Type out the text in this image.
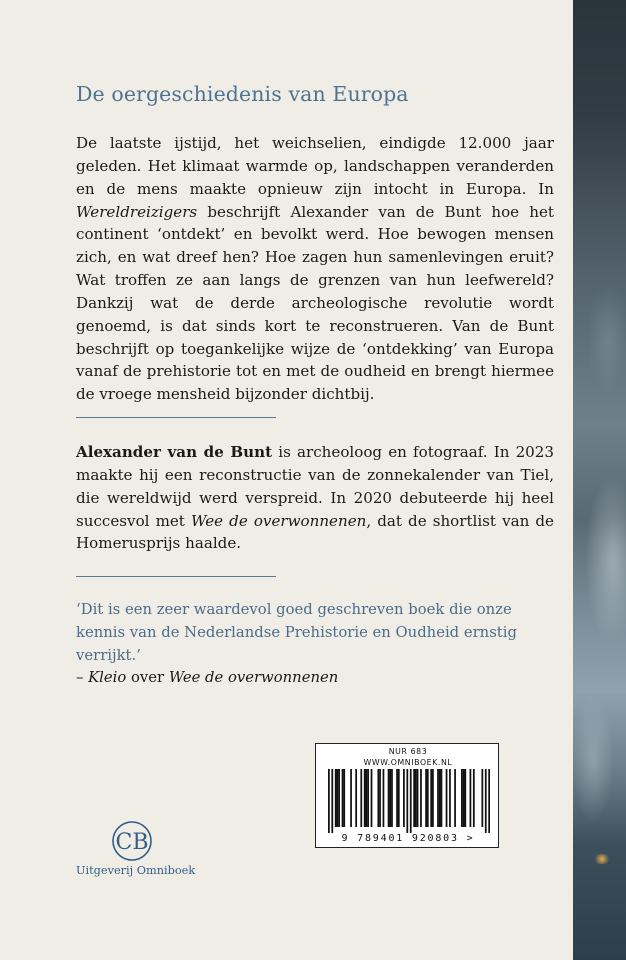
De oergeschiedenis van Europa

De laatste ijstijd, het weichselien, eindigde 12.000 jaar geleden. Het klimaat warmde op, landschappen veranderden en de mens maakte opnieuw zijn intocht in Europa. In Wereldreizigers beschrijft Alexander van de Bunt hoe het continent ‘ontdekt’ en bevolkt werd. Hoe bewogen mensen zich, en wat dreef hen? Hoe zagen hun samenlevingen eruit? Wat troffen ze aan langs de grenzen van hun leefwereld? Dankzij wat de derde archeologische revolutie wordt genoemd, is dat sinds kort te reconstrueren. Van de Bunt beschrijft op toegankelijke wijze de ‘ontdekking’ van Europa vanaf de prehistorie tot en met de oudheid en brengt hiermee de vroege mensheid bijzonder dichtbij.

Alexander van de Bunt is archeoloog en fotograaf. In 2023 maakte hij een reconstructie van de zonnekalender van Tiel, die wereldwijd werd verspreid. In 2020 debuteerde hij heel succesvol met Wee de overwonnenen, dat de shortlist van de Homerusprijs haalde.

‘Dit is een zeer waardevol goed geschreven boek die onze kennis van de Nederlandse Prehistorie en Oudheid ernstig verrijkt.’
– Kleio over Wee de overwonnenen

NUR 683
WWW.OMNIBOEK.NL
9 789401 920803 >
CB
Uitgeverij Omniboek
